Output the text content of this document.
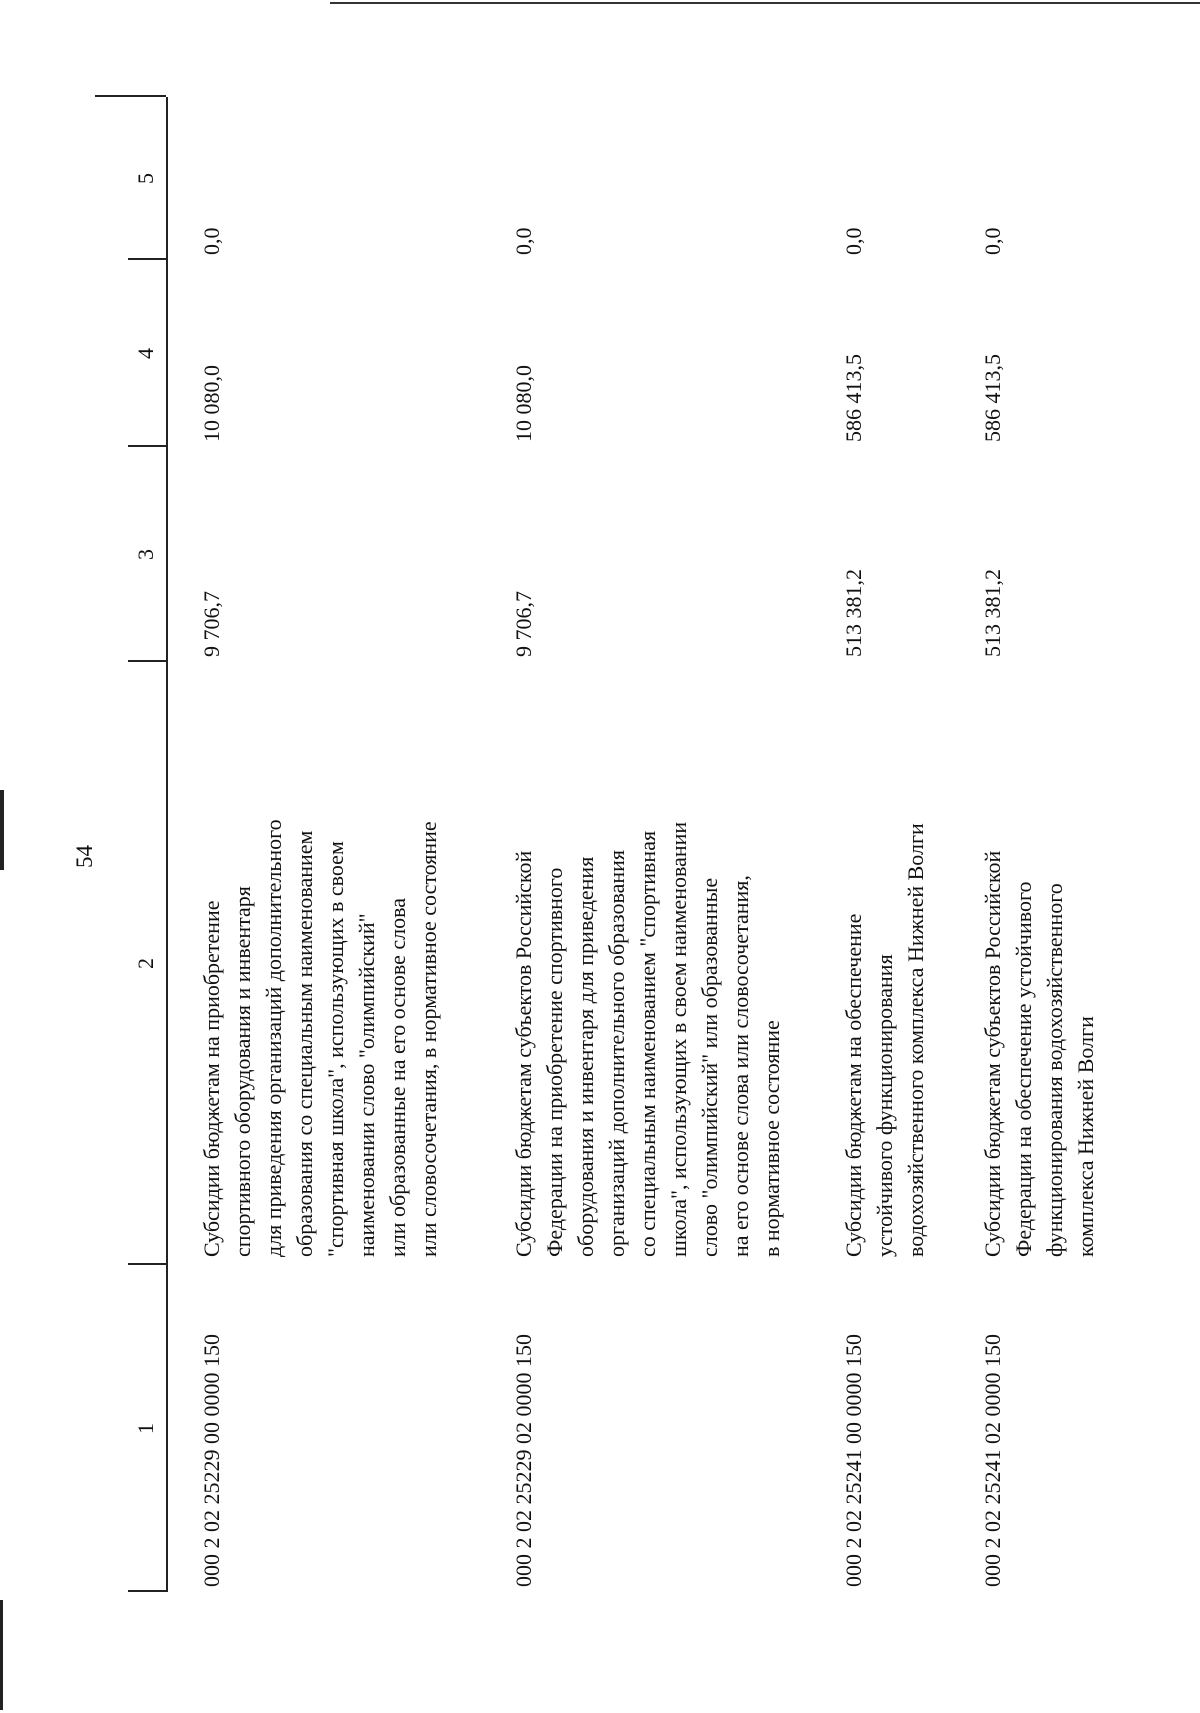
54
1
2
3
4
5
000 2 02 25229 00 0000 150
Субсидии бюджетам на приобретение
спортивного оборудования и инвентаря
для приведения организаций дополнительного
образования со специальным наименованием
"спортивная школа", использующих в своем
наименовании слово "олимпийский"
или образованные на его основе слова
или словосочетания, в нормативное состояние
9 706,7
10 080,0
0,0
000 2 02 25229 02 0000 150
Субсидии бюджетам субъектов Российской
Федерации на приобретение спортивного
оборудования и инвентаря для приведения
организаций дополнительного образования
со специальным наименованием "спортивная
школа", использующих в своем наименовании
слово "олимпийский" или образованные
на его основе слова или словосочетания,
в нормативное состояние
9 706,7
10 080,0
0,0
000 2 02 25241 00 0000 150
Субсидии бюджетам на обеспечение
устойчивого функционирования
водохозяйственного комплекса Нижней Волги
513 381,2
586 413,5
0,0
000 2 02 25241 02 0000 150
Субсидии бюджетам субъектов Российской
Федерации на обеспечение устойчивого
функционирования водохозяйственного
комплекса Нижней Волги
513 381,2
586 413,5
0,0
